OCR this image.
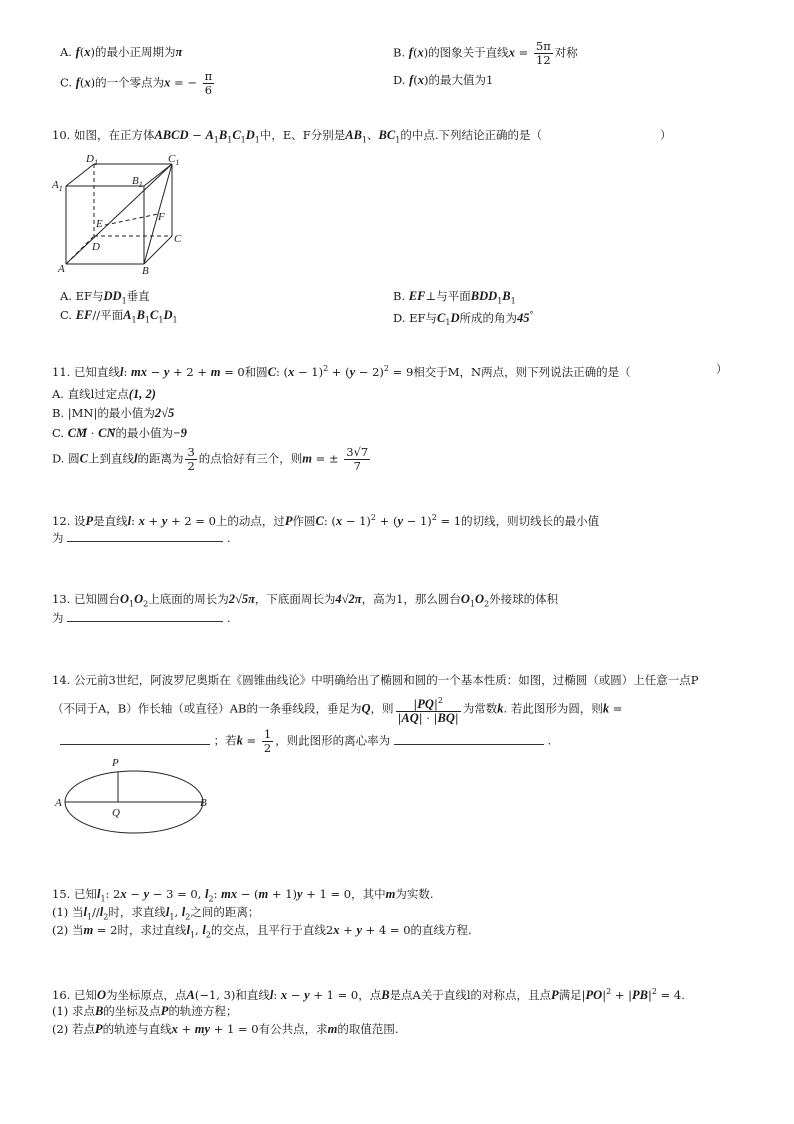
A. f(x)的最小正周期为π	B. f(x)的图象关于直线$x = \frac{5\pi}{12}$ 对称
C. f(x)的一个零点为x = − $\frac{\pi}{6}$	D. f(x)的最大值为1
10. 如图，在正方体ABCD − $A_1B_1C_1D_1$中，E、F分别是$AB_1$、$BC_1$的中点.下列结论正确的是（	）
$D_1$	$C_1$
$A_1$
$B_1$
E
F
D
C
A	B
A. EF与$DD_1$垂直	B. EF⊥与平面$BDD_1B_1$
C. EF//平面$A_1B_1C_1D_1$	D. EF与$C_1D$所成的角为45°
11. 已知直线l: mx − y + 2 + m = 0和圆C: $(x - 1)^2 + (y - 2)^2 = 9$相交于M，N两点，则下列说法正确的是（	）
A. 直线l过定点(1, 2)
B. |MN|的最小值为2√5
C. CM⃗ · CN的最小值为−9
D. 圆C上到直线l的距离为 $\frac{3}{2}$ 的点恰好有三个，则m = ± $\frac{3√7}{7}$
12. 设P是直线l: x + y + 2 = 0上的动点，过P作圆C: $(x - 1)^2 + (y - 1)^2 = 1$的切线，则切线长的最小值
为	.
13. 已知圆台$O_1O_2$上底面的周长为2√5π，下底面周长为4√2π，高为1，那么圆台$O_1O_2$外接球的体积
为	.
14. 公元前3世纪，阿波罗尼奥斯在《圆锥曲线论》中明确给出了椭圆和圆的一个基本性质：如图，过椭圆（或圆）上任意一点P
（不同于A，B）作长轴（或直径）AB的一条垂线段，垂足为Q，则 $\frac{|PQ|^2}{|AQ| \cdot |BQ|}$ 为常数k. 若此图形为圆，则k =
；若$k = \frac{1}{2}$ ，则此图形的离心率为	.
P
A
Q
B
15. 已知$l_1$: 2x − y − 3 = 0, $l_2$: mx − (m + 1)y + 1 = 0，其中m为实数.
(1) 当$l_1//l_2$时，求直线$l_1$, $l_2$之间的距离；
(2) 当m = 2时，求过直线$l_1$, $l_2$的交点，且平行于直线2x + y + 4 = 0的直线方程.
16. 已知O为坐标原点，点A(−1, 3)和直线l: x − y + 1 = 0，点B是点A关于直线l的对称点，且点P满足$|PO|^2 + |PB|^2 = 4$.
(1) 求点B的坐标及点P的轨迹方程；
(2) 若点P的轨迹与直线x + my + 1 = 0有公共点，求m的取值范围.
